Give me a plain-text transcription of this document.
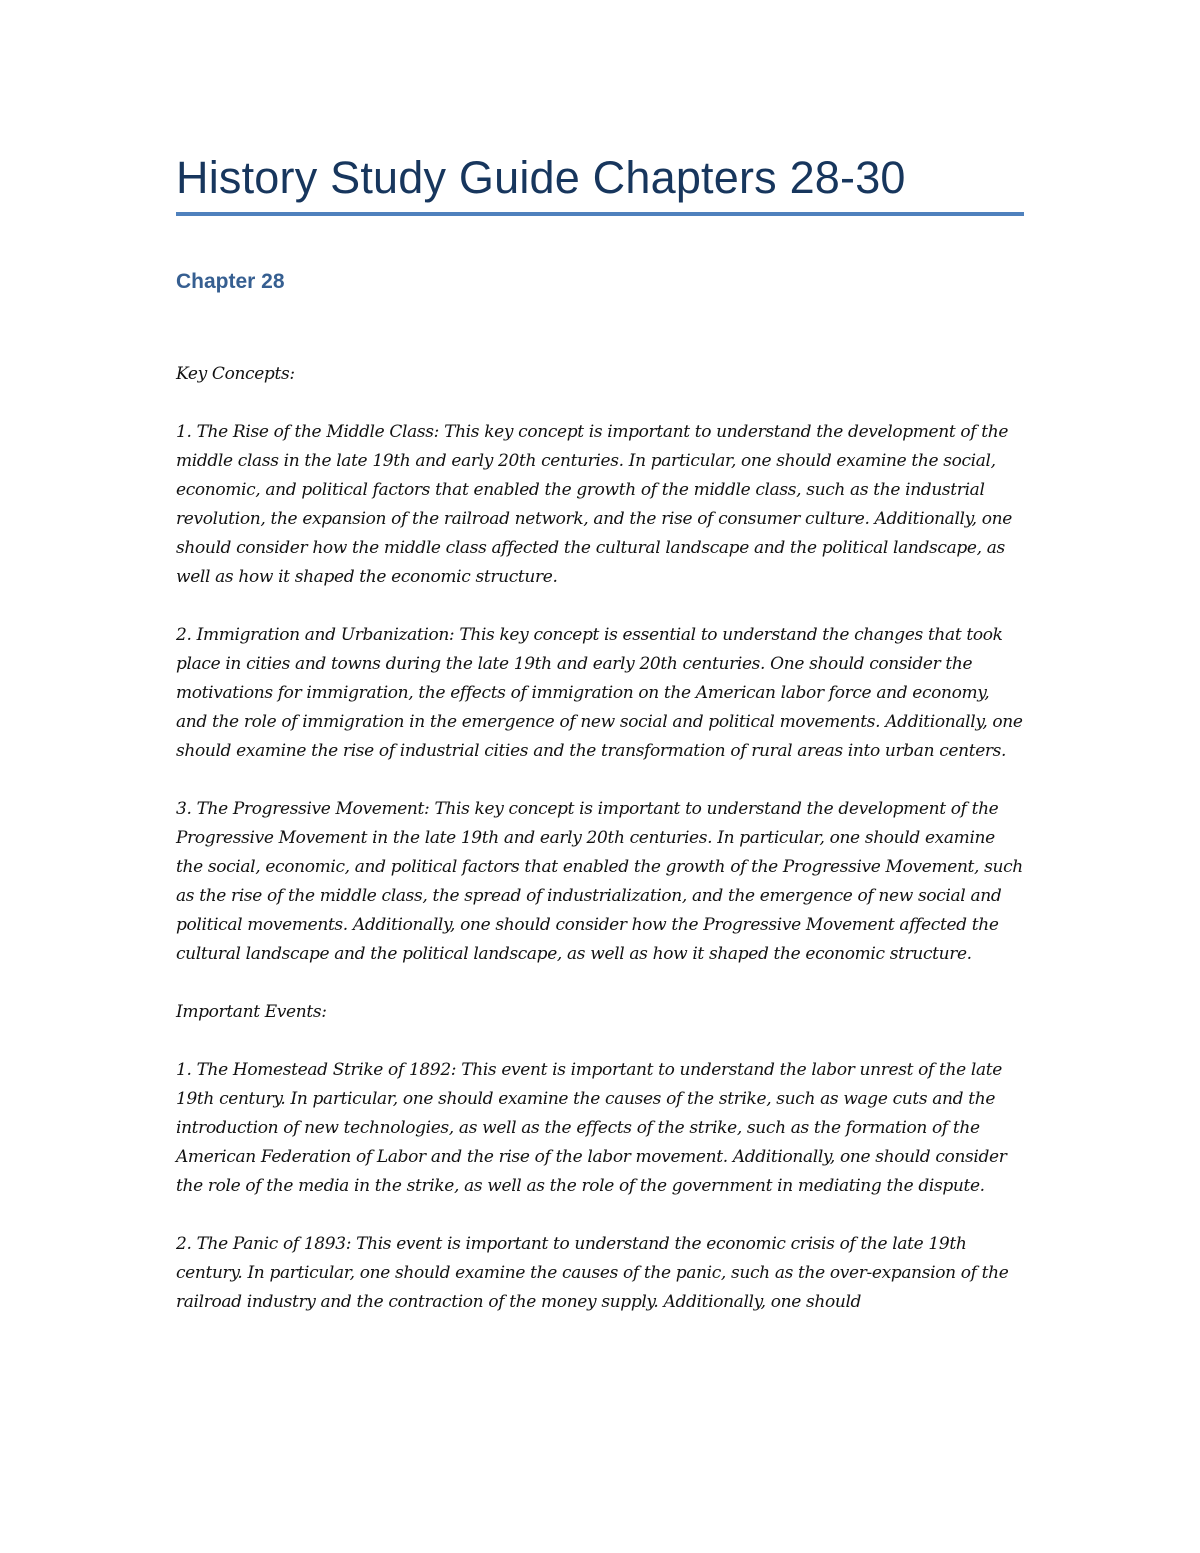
History Study Guide Chapters 28-30
Chapter 28

Key Concepts:

1. The Rise of the Middle Class: This key concept is important to understand the development of the middle class in the late 19th and early 20th centuries. In particular, one should examine the social, economic, and political factors that enabled the growth of the middle class, such as the industrial revolution, the expansion of the railroad network, and the rise of consumer culture. Additionally, one should consider how the middle class affected the cultural landscape and the political landscape, as well as how it shaped the economic structure.

2. Immigration and Urbanization: This key concept is essential to understand the changes that took place in cities and towns during the late 19th and early 20th centuries. One should consider the motivations for immigration, the effects of immigration on the American labor force and economy, and the role of immigration in the emergence of new social and political movements. Additionally, one should examine the rise of industrial cities and the transformation of rural areas into urban centers.

3. The Progressive Movement: This key concept is important to understand the development of the Progressive Movement in the late 19th and early 20th centuries. In particular, one should examine the social, economic, and political factors that enabled the growth of the Progressive Movement, such as the rise of the middle class, the spread of industrialization, and the emergence of new social and political movements. Additionally, one should consider how the Progressive Movement affected the cultural landscape and the political landscape, as well as how it shaped the economic structure.

Important Events:

1. The Homestead Strike of 1892: This event is important to understand the labor unrest of the late 19th century. In particular, one should examine the causes of the strike, such as wage cuts and the introduction of new technologies, as well as the effects of the strike, such as the formation of the American Federation of Labor and the rise of the labor movement. Additionally, one should consider the role of the media in the strike, as well as the role of the government in mediating the dispute.

2. The Panic of 1893: This event is important to understand the economic crisis of the late 19th century. In particular, one should examine the causes of the panic, such as the over-expansion of the railroad industry and the contraction of the money supply. Additionally, one should
